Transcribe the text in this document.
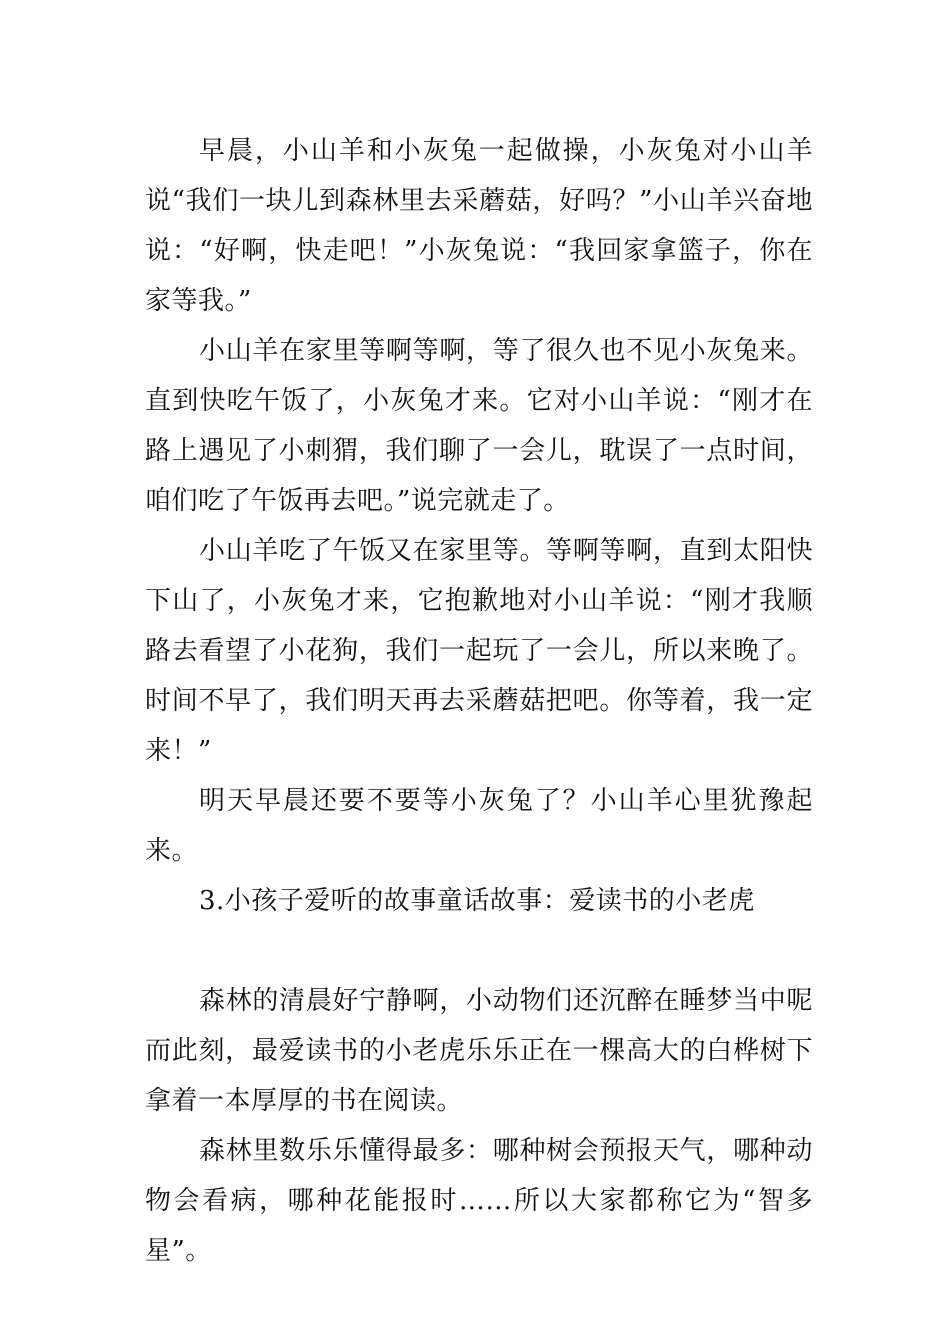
早晨，小山羊和小灰兔一起做操，小灰兔对小山羊说“我们一块儿到森林里去采蘑菇，好吗？”小山羊兴奋地说：“好啊，快走吧！”小灰兔说：“我回家拿篮子，你在家等我。”

小山羊在家里等啊等啊，等了很久也不见小灰兔来。直到快吃午饭了，小灰兔才来。它对小山羊说：“刚才在路上遇见了小刺猬，我们聊了一会儿，耽误了一点时间，咱们吃了午饭再去吧。”说完就走了。

小山羊吃了午饭又在家里等。等啊等啊，直到太阳快下山了，小灰兔才来，它抱歉地对小山羊说：“刚才我顺路去看望了小花狗，我们一起玩了一会儿，所以来晚了。时间不早了，我们明天再去采蘑菇把吧。你等着，我一定来！”

明天早晨还要不要等小灰兔了？小山羊心里犹豫起来。

3.小孩子爱听的故事童话故事：爱读书的小老虎

森林的清晨好宁静啊，小动物们还沉醉在睡梦当中呢而此刻，最爱读书的小老虎乐乐正在一棵高大的白桦树下拿着一本厚厚的书在阅读。

森林里数乐乐懂得最多：哪种树会预报天气，哪种动物会看病，哪种花能报时……所以大家都称它为“智多星”。
